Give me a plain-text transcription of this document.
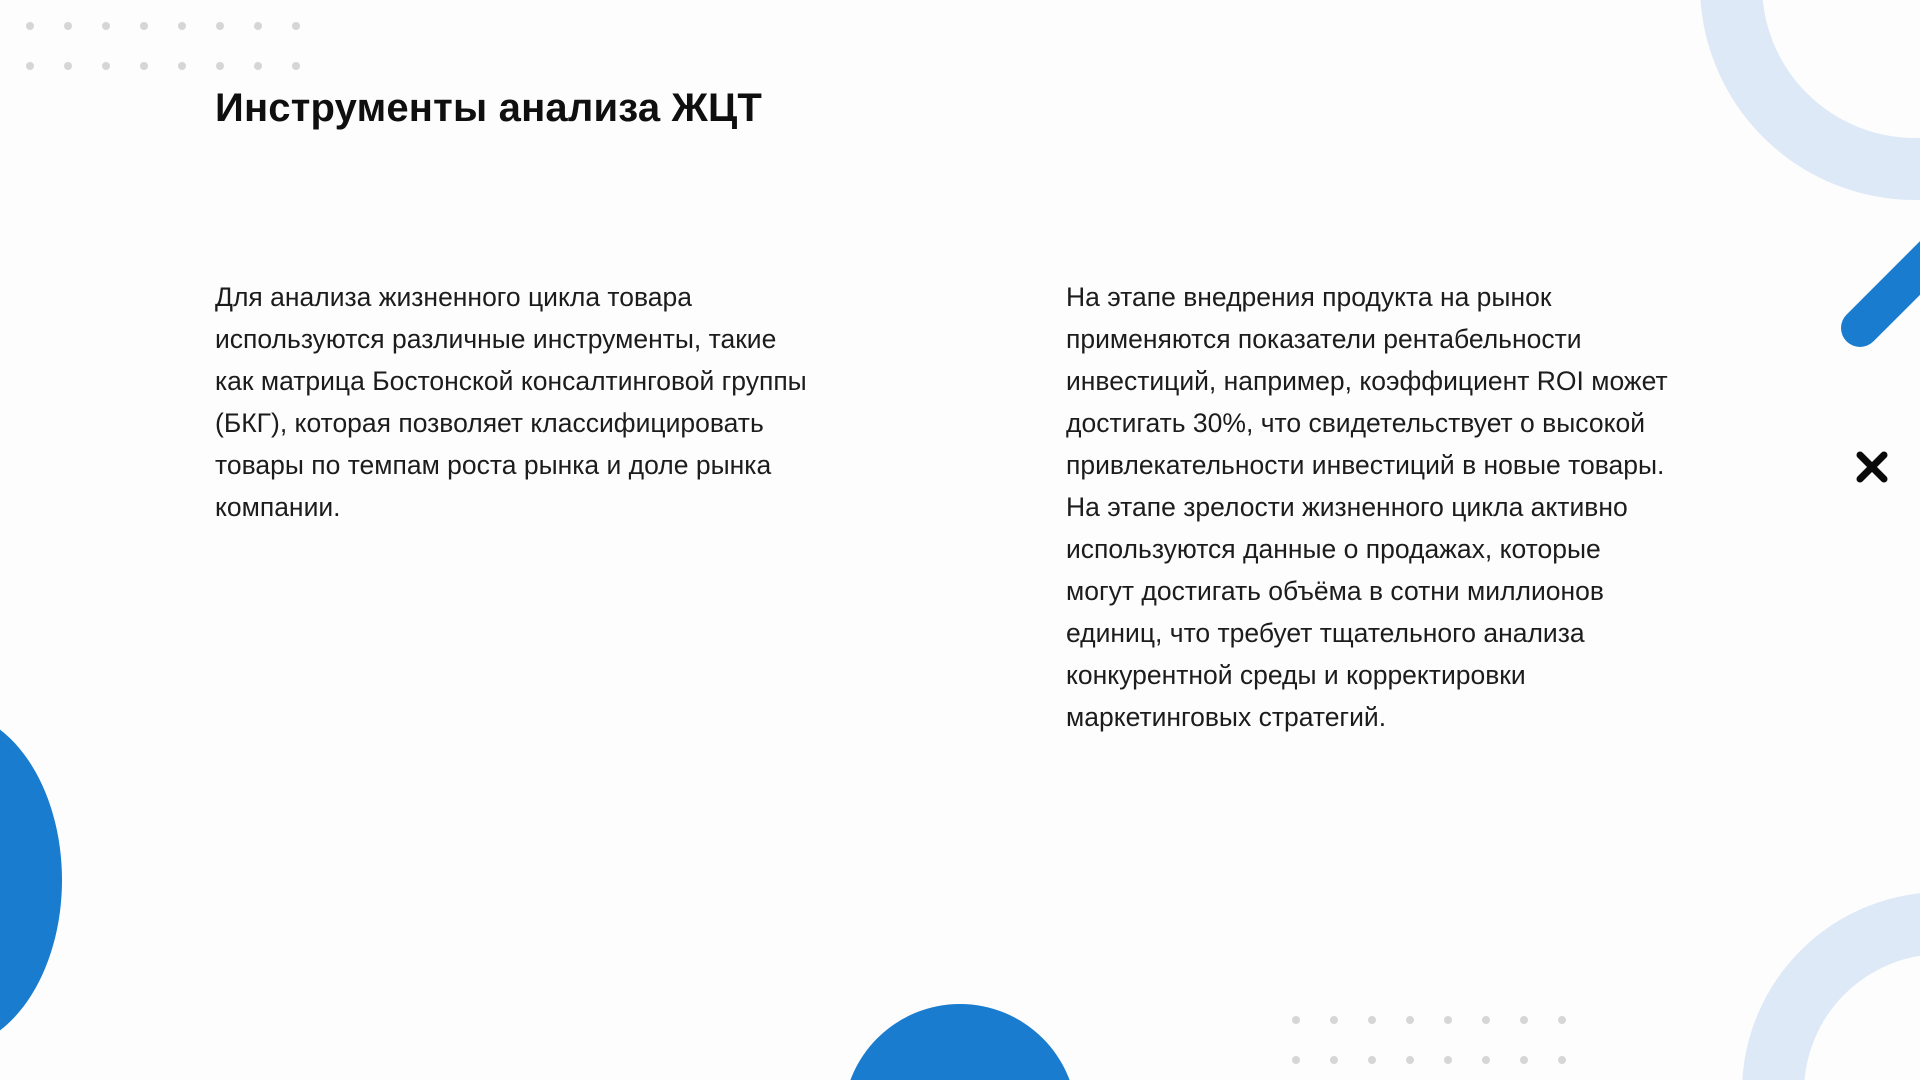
Инструменты анализа ЖЦТ

Для анализа жизненного цикла товара
используются различные инструменты, такие
как матрица Бостонской консалтинговой группы
(БКГ), которая позволяет классифицировать
товары по темпам роста рынка и доле рынка
компании.

На этапе внедрения продукта на рынок
применяются показатели рентабельности
инвестиций, например, коэффициент ROI может
достигать 30%, что свидетельствует о высокой
привлекательности инвестиций в новые товары.
На этапе зрелости жизненного цикла активно
используются данные о продажах, которые
могут достигать объёма в сотни миллионов
единиц, что требует тщательного анализа
конкурентной среды и корректировки
маркетинговых стратегий.
